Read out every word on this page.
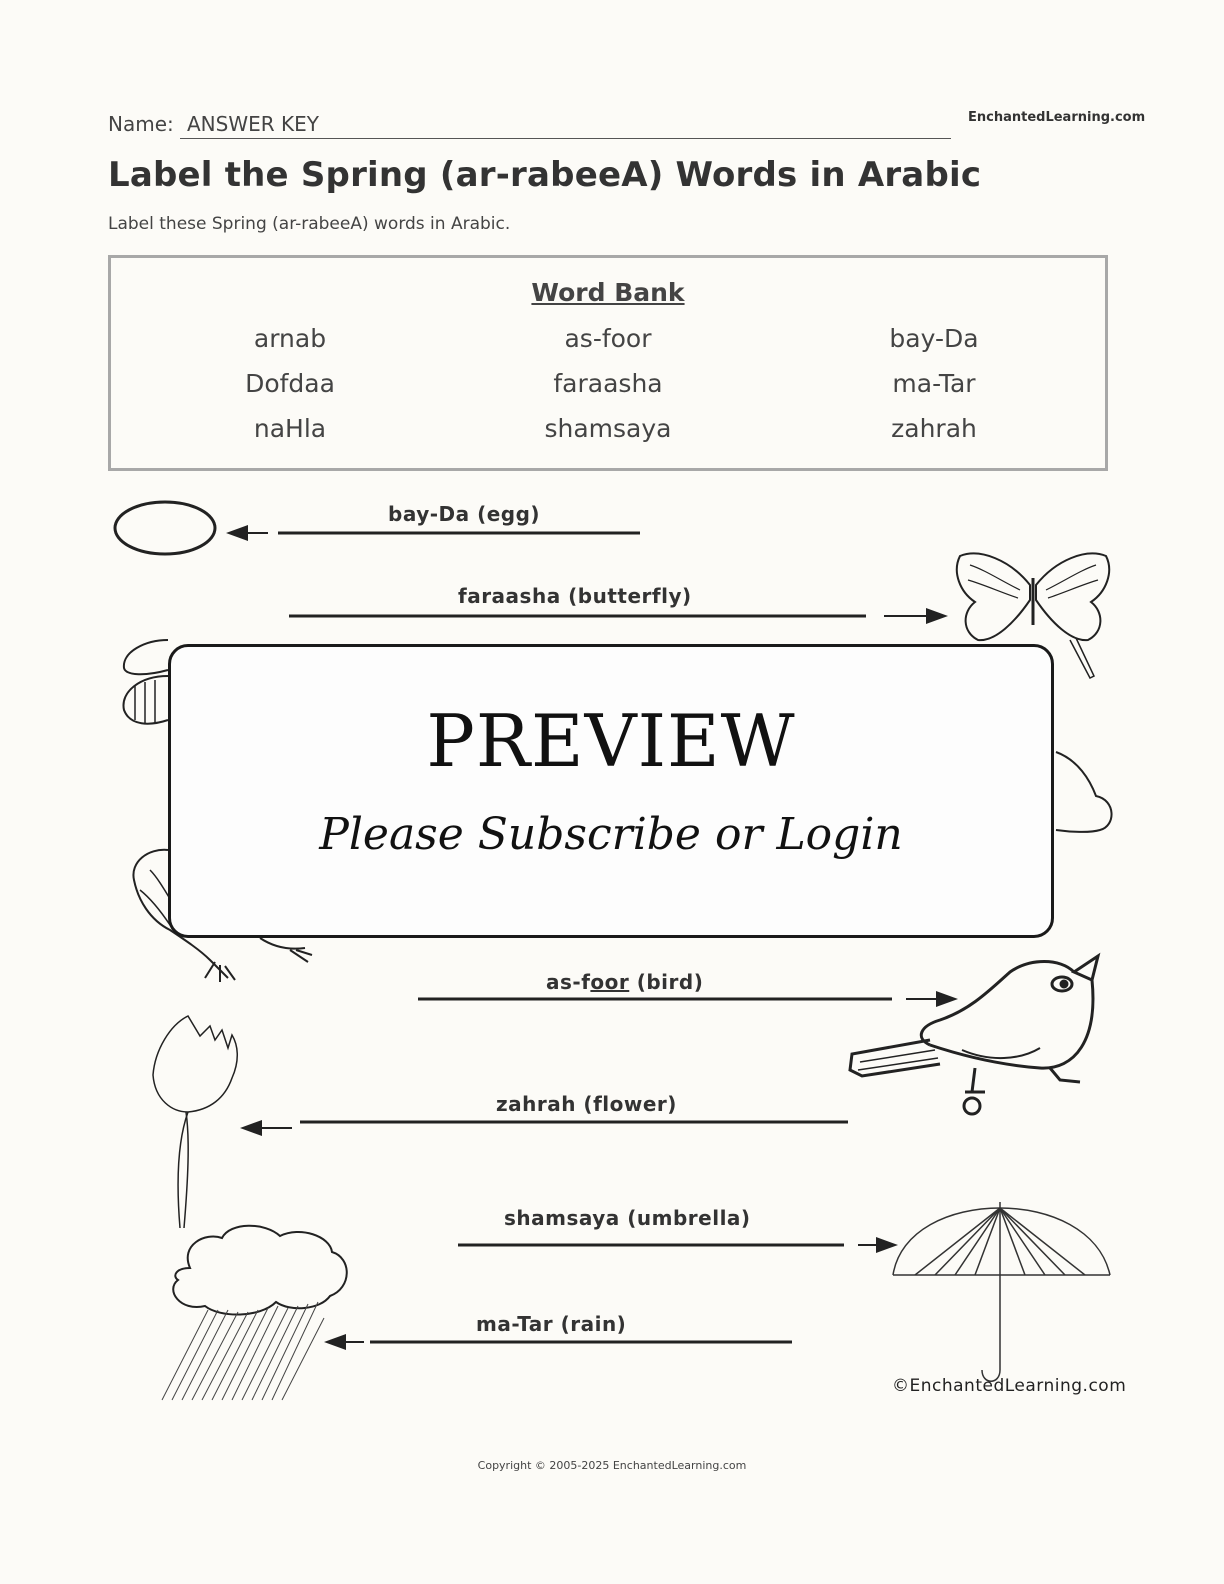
Name: ANSWER KEY	EnchantedLearning.com
Label the Spring (ar-rabeeA) Words in Arabic
Label these Spring (ar-rabeeA) words in Arabic.
Word Bank
arnab	as-foor	bay-Da
Dofdaa	faraasha	ma-Tar
naHla	shamsaya	zahrah
bay-Da (egg)
faraasha (butterfly)
as-foor (bird)
zahrah (flower)
shamsaya (umbrella)
ma-Tar (rain)
©EnchantedLearning.com
PREVIEW
Please Subscribe or Login
Copyright © 2005-2025 EnchantedLearning.com
